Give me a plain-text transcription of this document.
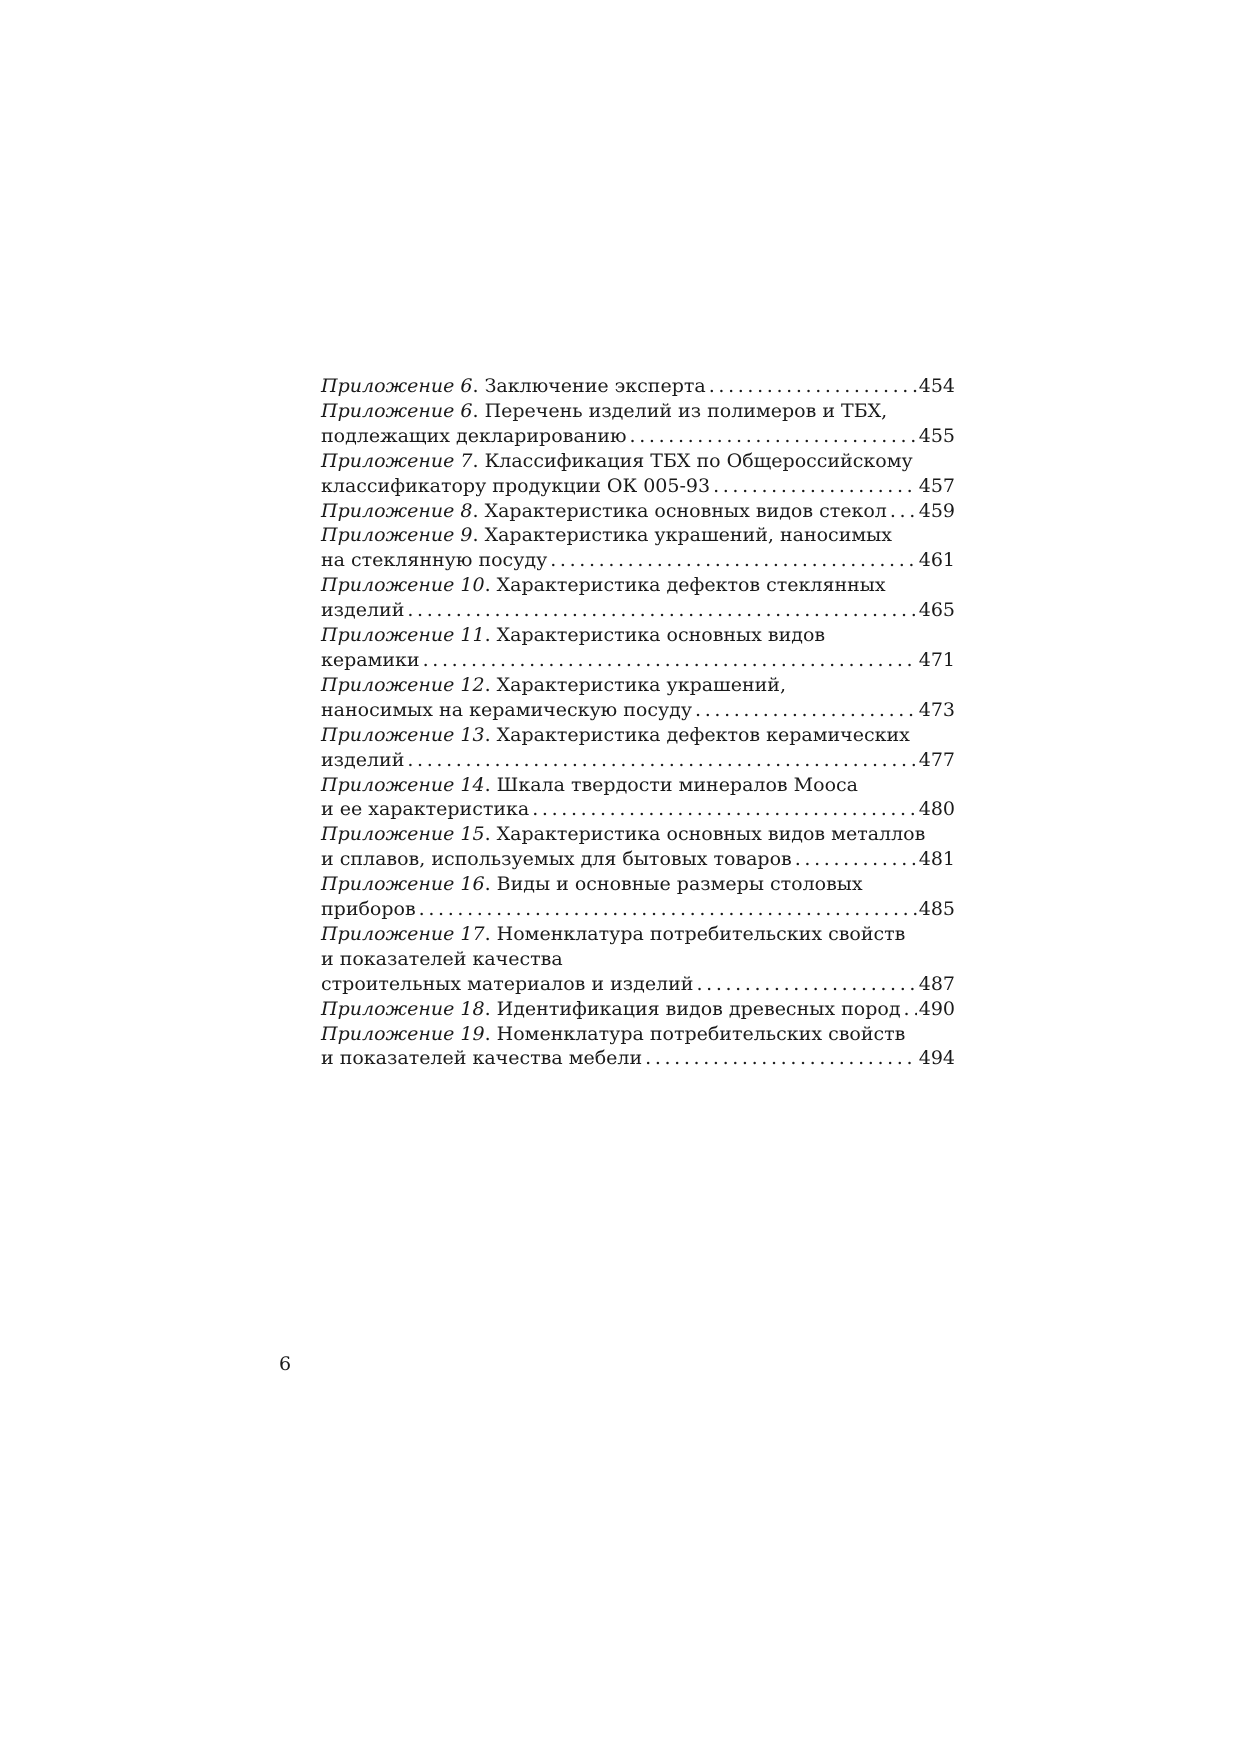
Приложение 6. Заключение эксперта . . .	454
Приложение 6. Перечень изделий из полимеров и ТБХ,
подлежащих декларированию . . .	455
Приложение 7. Классификация ТБХ по Общероссийскому
классификатору продукции ОК 005-93 . . .	457
Приложение 8. Характеристика основных видов стекол . . . 459
Приложение 9. Характеристика украшений, наносимых
на стеклянную посуду . . .	461
Приложение 10. Характеристика дефектов стеклянных
изделий . . .	465
Приложение 11. Характеристика основных видов
керамики . . .	471
Приложение 12. Характеристика украшений,
наносимых на керамическую посуду . . .	473
Приложение 13. Характеристика дефектов керамических
изделий . . .	477
Приложение 14. Шкала твердости минералов Мооса
и ее характеристика . . .	480
Приложение 15. Характеристика основных видов металлов
и сплавов, используемых для бытовых товаров . . .	481
Приложение 16. Виды и основные размеры столовых
приборов . . .	485
Приложение 17. Номенклатура потребительских свойств
и показателей качества
строительных материалов и изделий . . .	487
Приложение 18. Идентификация видов древесных пород . . . 490
Приложение 19. Номенклатура потребительских свойств
и показателей качества мебели . . .	494
6
